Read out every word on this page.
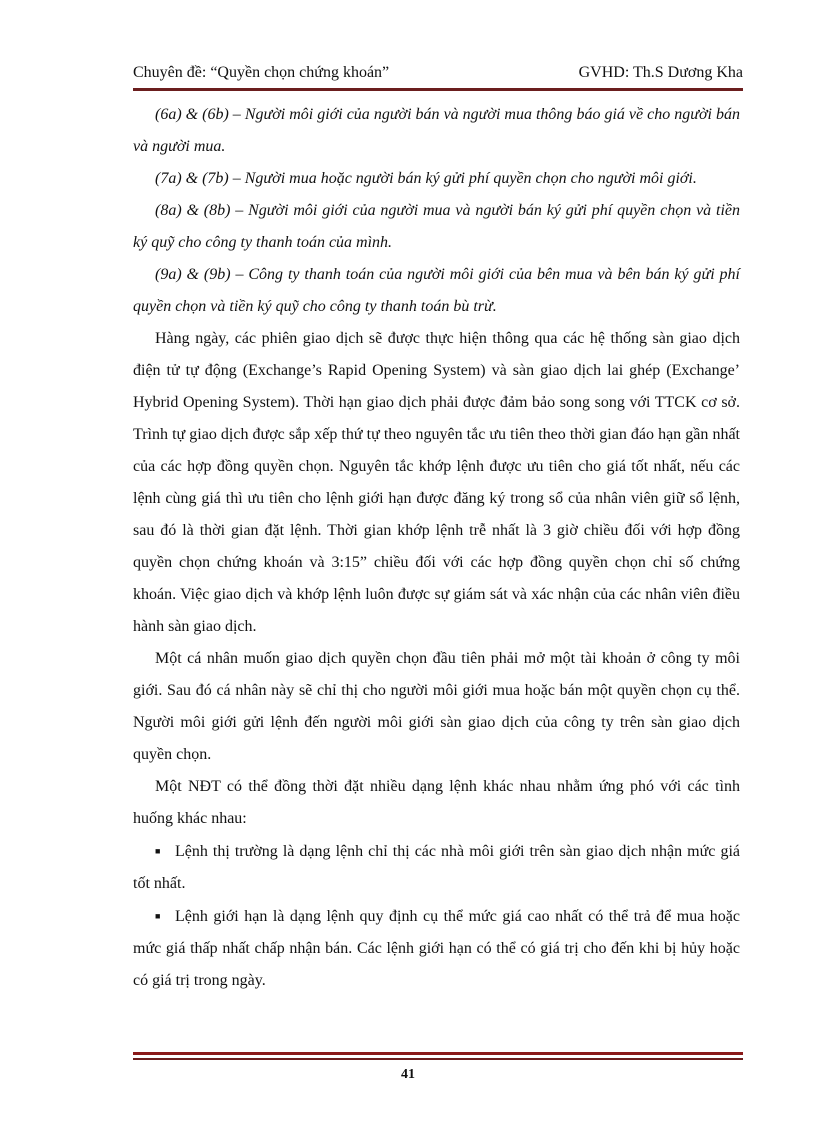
Chuyên đề: “Quyền chọn chứng khoán”	GVHD: Th.S Dương Kha

(6a) & (6b) – Người môi giới của người bán và người mua thông báo giá về cho người bán và người mua.

(7a) & (7b) – Người mua hoặc người bán ký gửi phí quyền chọn cho người môi giới.

(8a) & (8b) – Người môi giới của người mua và người bán ký gửi phí quyền chọn và tiền ký quỹ cho công ty thanh toán của mình.

(9a) & (9b) – Công ty thanh toán của người môi giới của bên mua và bên bán ký gửi phí quyền chọn và tiền ký quỹ cho công ty thanh toán bù trừ.

Hàng ngày, các phiên giao dịch sẽ được thực hiện thông qua các hệ thống sàn giao dịch điện tử tự động (Exchange’s Rapid Opening System) và sàn giao dịch lai ghép (Exchange’ Hybrid Opening System). Thời hạn giao dịch phải được đảm bảo song song với TTCK cơ sở. Trình tự giao dịch được sắp xếp thứ tự theo nguyên tắc ưu tiên theo thời gian đáo hạn gần nhất của các hợp đồng quyền chọn. Nguyên tắc khớp lệnh được ưu tiên cho giá tốt nhất, nếu các lệnh cùng giá thì ưu tiên cho lệnh giới hạn được đăng ký trong sổ của nhân viên giữ sổ lệnh, sau đó là thời gian đặt lệnh. Thời gian khớp lệnh trễ nhất là 3 giờ chiều đối với hợp đồng quyền chọn chứng khoán và 3:15” chiều đối với các hợp đồng quyền chọn chỉ số chứng khoán. Việc giao dịch và khớp lệnh luôn được sự giám sát và xác nhận của các nhân viên điều hành sàn giao dịch.

Một cá nhân muốn giao dịch quyền chọn đầu tiên phải mở một tài khoản ở công ty môi giới. Sau đó cá nhân này sẽ chỉ thị cho người môi giới mua hoặc bán một quyền chọn cụ thể. Người môi giới gửi lệnh đến người môi giới sàn giao dịch của công ty trên sàn giao dịch quyền chọn.

Một NĐT có thể đồng thời đặt nhiều dạng lệnh khác nhau nhằm ứng phó với các tình huống khác nhau:

■ Lệnh thị trường là dạng lệnh chỉ thị các nhà môi giới trên sàn giao dịch nhận mức giá tốt nhất.

■ Lệnh giới hạn là dạng lệnh quy định cụ thể mức giá cao nhất có thể trả để mua hoặc mức giá thấp nhất chấp nhận bán. Các lệnh giới hạn có thể có giá trị cho đến khi bị hủy hoặc có giá trị trong ngày.

41
